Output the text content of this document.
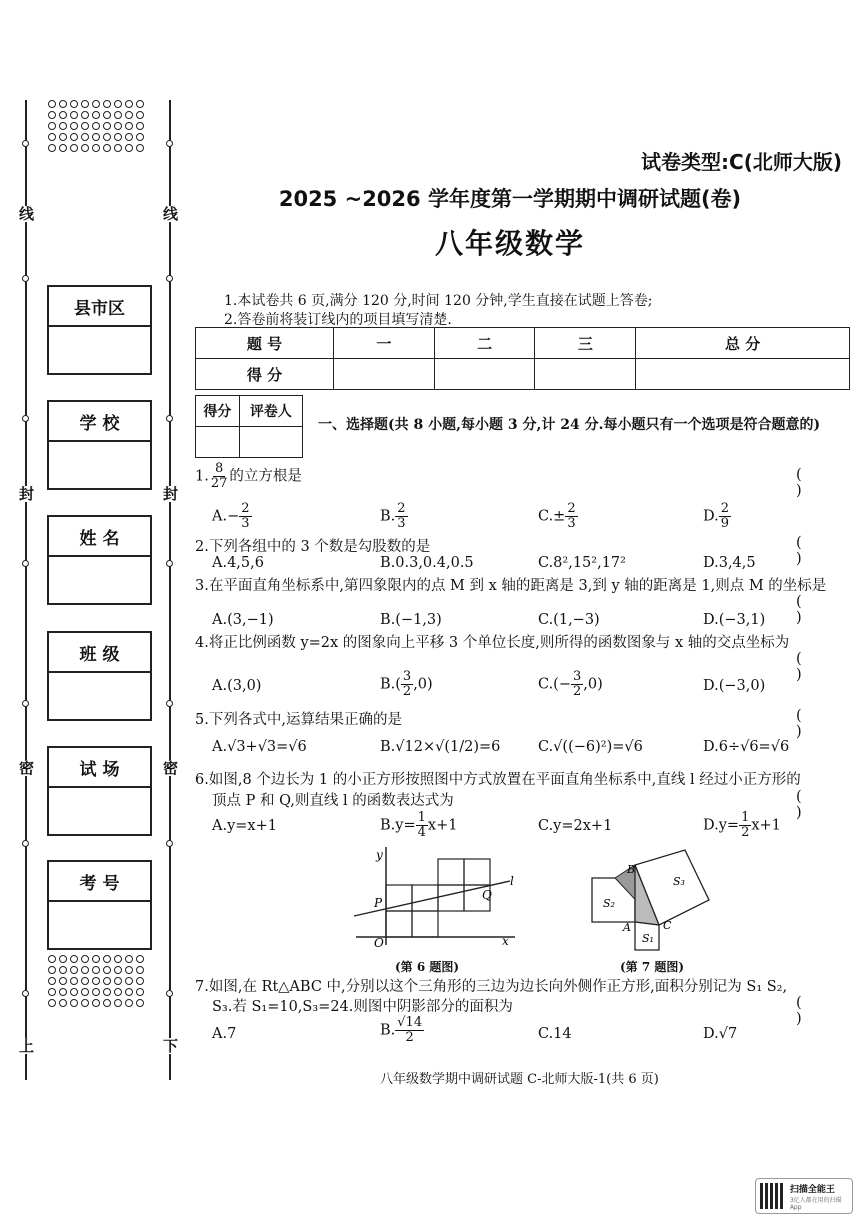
线
封
密
上
线
封
密
下
县市区
学 校
姓 名
班 级
试 场
考 号
试卷类型:C(北师大版)
2025 ~2026 学年度第一学期期中调研试题(卷)
八年级数学
1.本试卷共 6 页,满分 120 分,时间 120 分钟,学生直接在试题上答卷;
2.答卷前将装订线内的项目填写清楚.
题 号	一	二	三	总 分
得 分				
得分	评卷人

一、选择题(共 8 小题,每小题 3 分,计 24 分.每小题只有一个选项是符合题意的)
1. $\frac{8}{27}$ 的立方根是	( )
$A.- \frac{2}{3}$	B. $\frac{2}{3}$	$C.\pm \frac{2}{3}$	D. $\frac{2}{9}$
2.下列各组中的 3 个数是勾股数的是	( )
A.4,5,6	B.0.3,0.4,0.5	C.8²,15²,17²	D.3,4,5
3.在平面直角坐标系中,第四象限内的点 M 到 x 轴的距离是 3,到 y 轴的距离是 1,则点 M 的坐标是
( )
A.(3,−1)	B.(−1,3)	C.(1,−3)	D.(−3,1)
4.将正比例函数 y=2x 的图象向上平移 3 个单位长度,则所得的函数图象与 x 轴的交点坐标为
( )
A.(3,0)	$B.( \frac{3}{2} ,0)$	$C.(- \frac{3}{2} ,0)$	D.(−3,0)
5.下列各式中,运算结果正确的是	( )
A.√3+√3=√6	B.√12×√(1/2)=6	C.√((−6)²)=√6	D.6÷√6=√6
6.如图,8 个边长为 1 的小正方形按照图中方式放置在平面直角坐标系中,直线 l 经过小正方形的
顶点 P 和 Q,则直线 l 的函数表达式为	( )
A.y=x+1	$B.y= \frac{1}{4} x+1$	C.y=2x+1	$D.y= \frac{1}{2} x+1$
y
x
O
P
Q
l
(第 6 题图)
B
A	C
S₁
S₂
S₃
(第 7 题图)
7.如图,在 Rt△ABC 中,分别以这个三角形的三边为边长向外侧作正方形,面积分别记为 S₁ S₂,
S₃.若 S₁=10,S₃=24.则图中阴影部分的面积为	( )
A.7	B. $\frac{√14}{2}$	C.14	D.√7
八年级数学期中调研试题 C-北师大版-1(共 6 页)
扫描全能王
3亿人都在用的扫描App
